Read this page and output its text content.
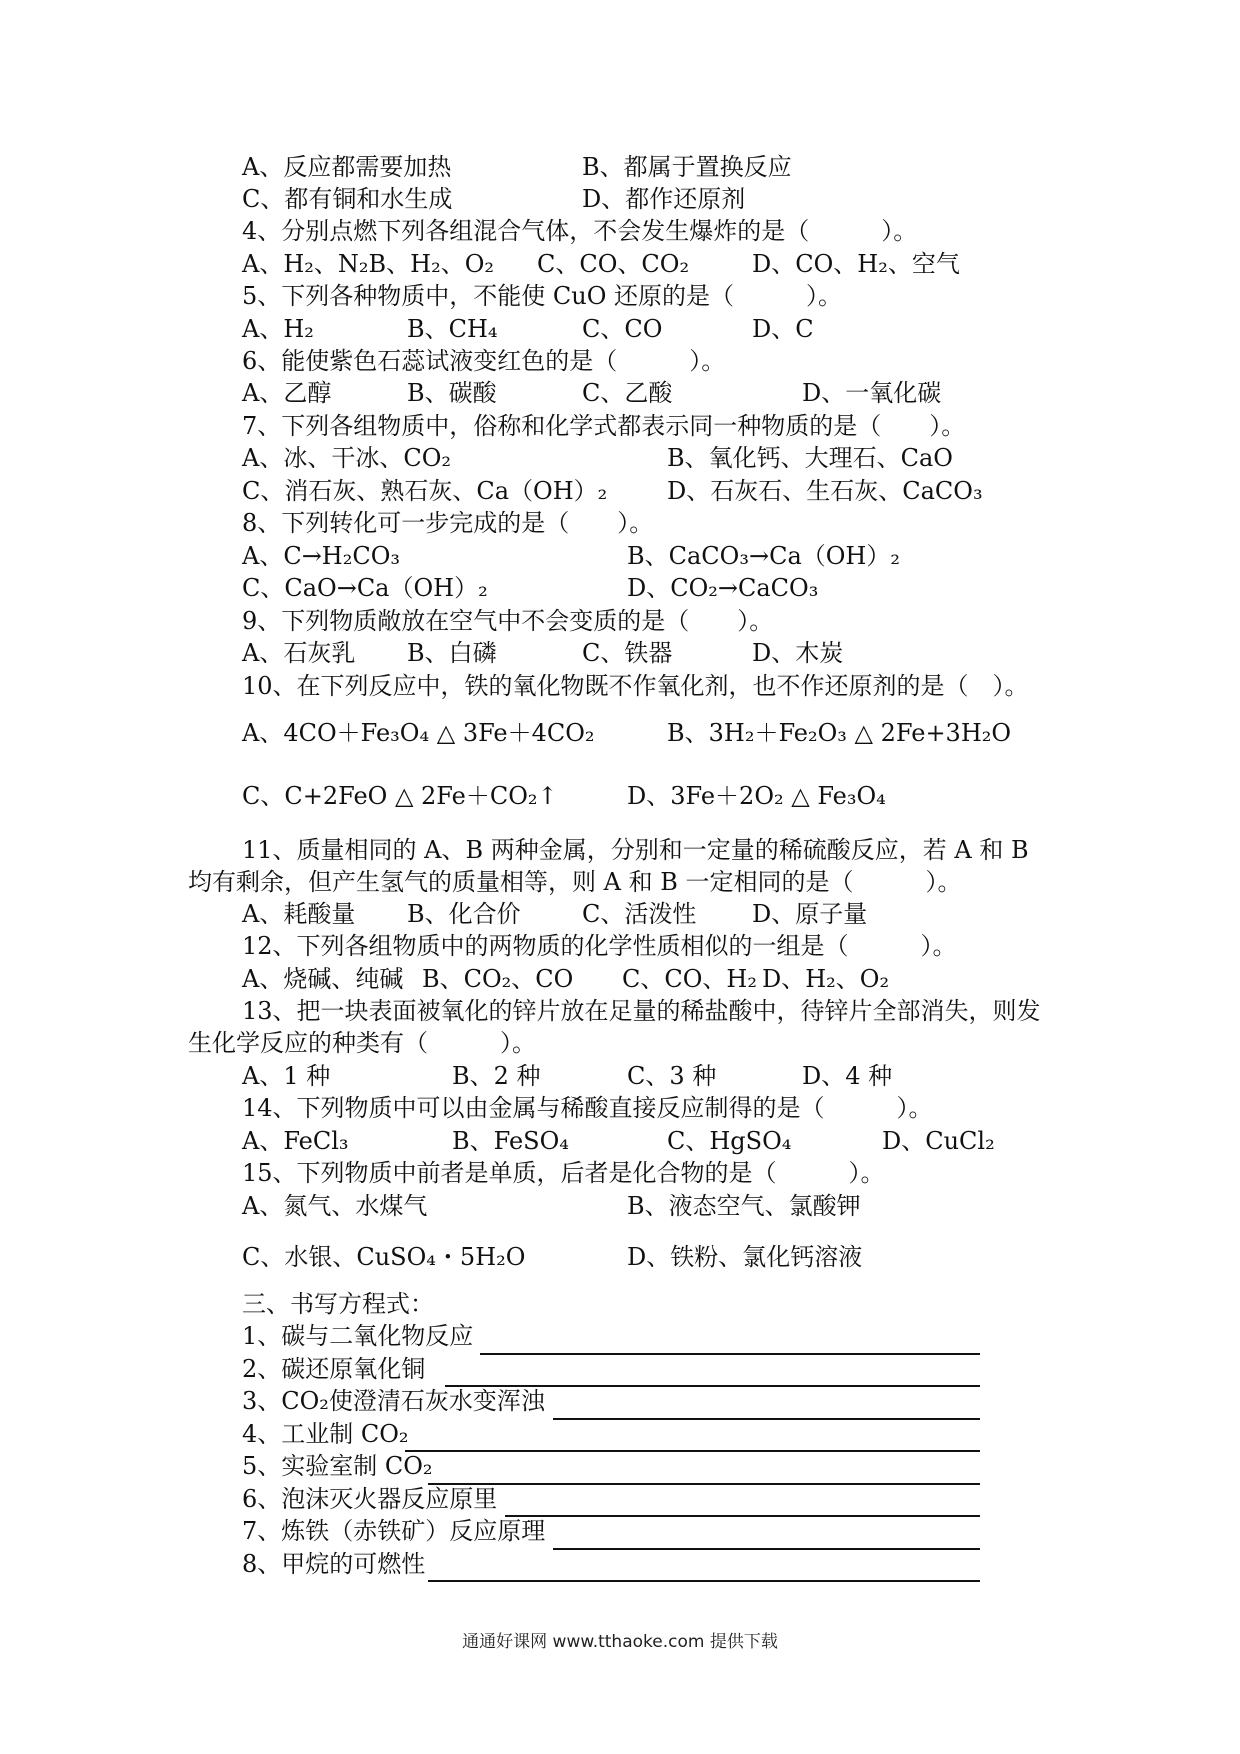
A、反应都需要加热	B、都属于置换反应
C、都有铜和水生成	D、都作还原剂
4、分别点燃下列各组混合气体，不会发生爆炸的是（　　　）。
A、H₂、N₂B、H₂、O₂ C、CO、CO₂	D、CO、H₂、空气
5、下列各种物质中，不能使 CuO 还原的是（　　　）。
A、H₂	B、CH₄	C、CO	D、C
6、能使紫色石蕊试液变红色的是（　　　）。
A、乙醇	B、碳酸	C、乙酸	D、一氧化碳
7、下列各组物质中，俗称和化学式都表示同一种物质的是（　　）。
A、冰、干冰、CO₂	B、氧化钙、大理石、CaO
C、消石灰、熟石灰、Ca（OH）₂ D、石灰石、生石灰、CaCO₃
8、下列转化可一步完成的是（　　）。
A、C→H₂CO₃	B、CaCO₃→Ca（OH）₂
C、CaO→Ca（OH）₂	D、CO₂→CaCO₃
9、下列物质敞放在空气中不会变质的是（　　）。
A、石灰乳 B、白磷	C、铁器	D、木炭
10、在下列反应中，铁的氧化物既不作氧化剂，也不作还原剂的是（　）。
A、4CO＋Fe₃O₄ △ 3Fe＋4CO₂	B、3H₂＋Fe₂O₃ △ 2Fe+3H₂O
C、C+2FeO △ 2Fe＋CO₂↑	D、3Fe＋2O₂ △ Fe₃O₄
11、质量相同的 A、B 两种金属，分别和一定量的稀硫酸反应，若 A 和 B
均有剩余，但产生氢气的质量相等，则 A 和 B 一定相同的是（　　　）。
A、耗酸量 B、化合价	C、活泼性 D、原子量
12、下列各组物质中的两物质的化学性质相似的一组是（　　　）。
A、烧碱、纯碱 B、CO₂、CO C、CO、H₂ D、H₂、O₂
13、把一块表面被氧化的锌片放在足量的稀盐酸中，待锌片全部消失，则发
生化学反应的种类有（　　　）。
A、1 种	B、2 种	C、3 种	D、4 种
14、下列物质中可以由金属与稀酸直接反应制得的是（　　　）。
A、FeCl₃	B、FeSO₄	C、HgSO₄	D、CuCl₂
15、下列物质中前者是单质，后者是化合物的是（　　　）。
A、氮气、水煤气	B、液态空气、氯酸钾
C、水银、CuSO₄・5H₂O	D、铁粉、氯化钙溶液
三、书写方程式：
1、碳与二氧化物反应
2、碳还原氧化铜
3、CO₂使澄清石灰水变浑浊
4、工业制 CO₂
5、实验室制 CO₂
6、泡沫灭火器反应原里
7、炼铁（赤铁矿）反应原理
8、甲烷的可燃性
通通好课网 www.tthaoke.com 提供下载
